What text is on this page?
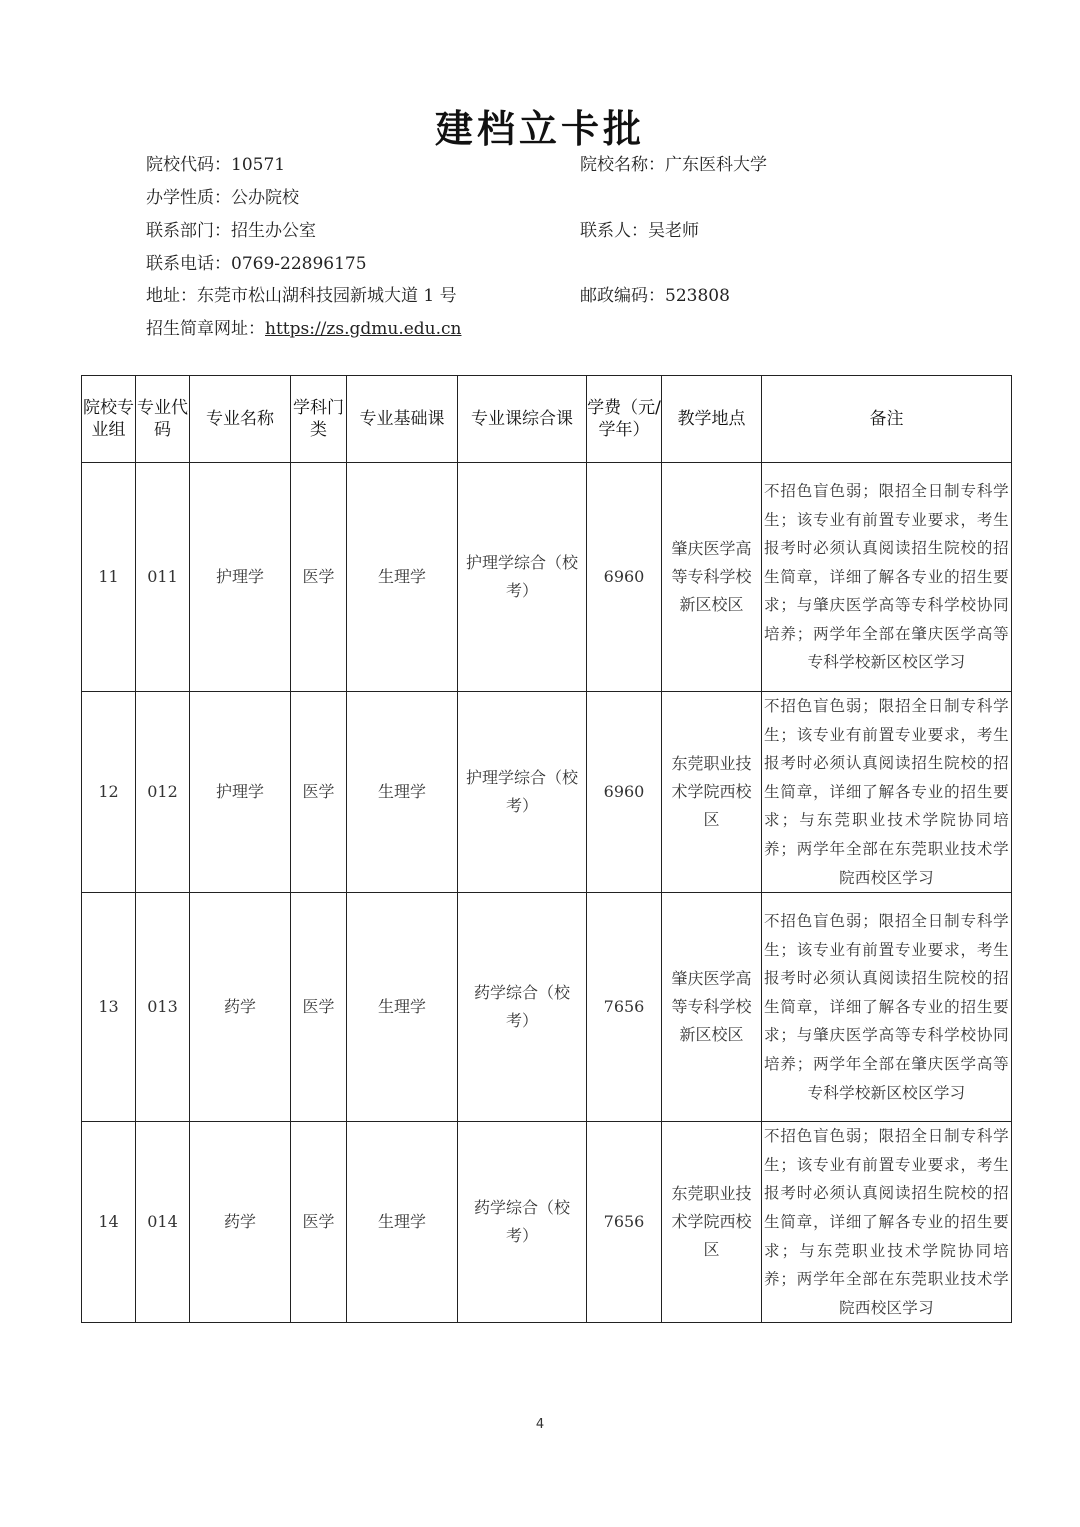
建档立卡批
院校代码：10571	院校名称：广东医科大学
办学性质：公办院校
联系部门：招生办公室	联系人：吴老师
联系电话：0769-22896175
地址：东莞市松山湖科技园新城大道 1 号	邮政编码：523808
招生简章网址：https://zs.gdmu.edu.cn
院校专业组	专业代码	专业名称	学科门类	专业基础课	专业课综合课	学费（元/学年）	教学地点	备注
11	011	护理学	医学	生理学	护理学综合（校考）	6960	肇庆医学高等专科学校新区校区	不招色盲色弱；限招全日制专科学生；该专业有前置专业要求，考生报考时必须认真阅读招生院校的招生简章，详细了解各专业的招生要求；与肇庆医学高等专科学校协同培养；两学年全部在肇庆医学高等专科学校新区校区学习
12	012	护理学	医学	生理学	护理学综合（校考）	6960	东莞职业技术学院西校区	不招色盲色弱；限招全日制专科学生；该专业有前置专业要求，考生报考时必须认真阅读招生院校的招生简章，详细了解各专业的招生要求；与东莞职业技术学院协同培养；两学年全部在东莞职业技术学院西校区学习
13	013	药学	医学	生理学	药学综合（校考）	7656	肇庆医学高等专科学校新区校区	不招色盲色弱；限招全日制专科学生；该专业有前置专业要求，考生报考时必须认真阅读招生院校的招生简章，详细了解各专业的招生要求；与肇庆医学高等专科学校协同培养；两学年全部在肇庆医学高等专科学校新区校区学习
14	014	药学	医学	生理学	药学综合（校考）	7656	东莞职业技术学院西校区	不招色盲色弱；限招全日制专科学生；该专业有前置专业要求，考生报考时必须认真阅读招生院校的招生简章，详细了解各专业的招生要求；与东莞职业技术学院协同培养；两学年全部在东莞职业技术学院西校区学习
4
